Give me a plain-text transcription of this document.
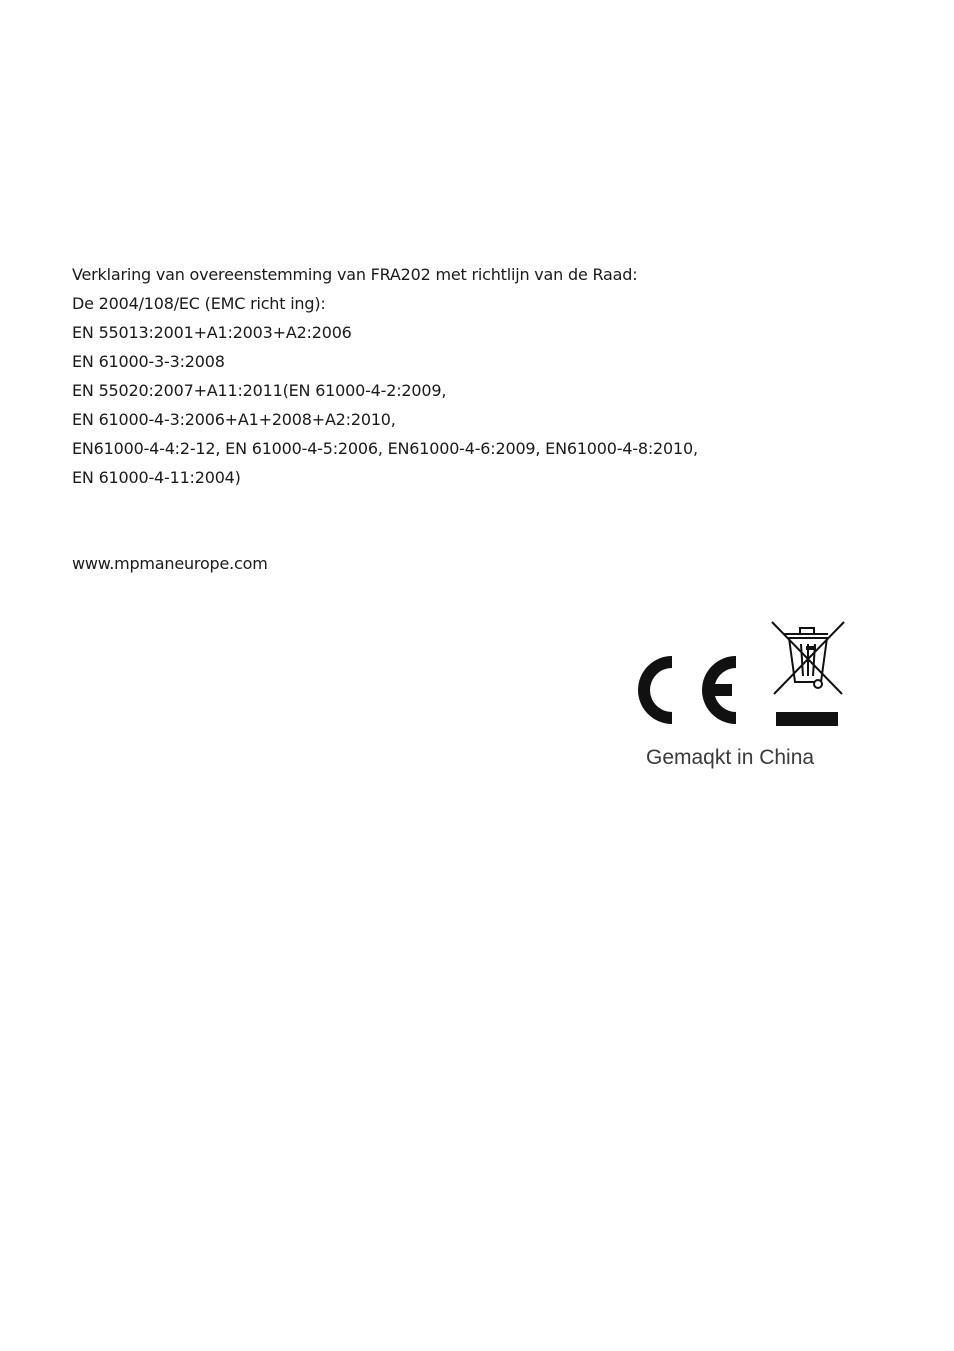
Verklaring van overeenstemming van FRA202 met richtlijn van de Raad:
De 2004/108/EC (EMC richt ing):
EN 55013:2001+A1:2003+A2:2006
EN 61000-3-3:2008
EN 55020:2007+A11:2011(EN 61000-4-2:2009,
EN 61000-4-3:2006+A1+2008+A2:2010,
EN61000-4-4:2-12, EN 61000-4-5:2006, EN61000-4-6:2009, EN61000-4-8:2010,
EN 61000-4-11:2004)
www.mpmaneurope.com
Gemaqkt in China
